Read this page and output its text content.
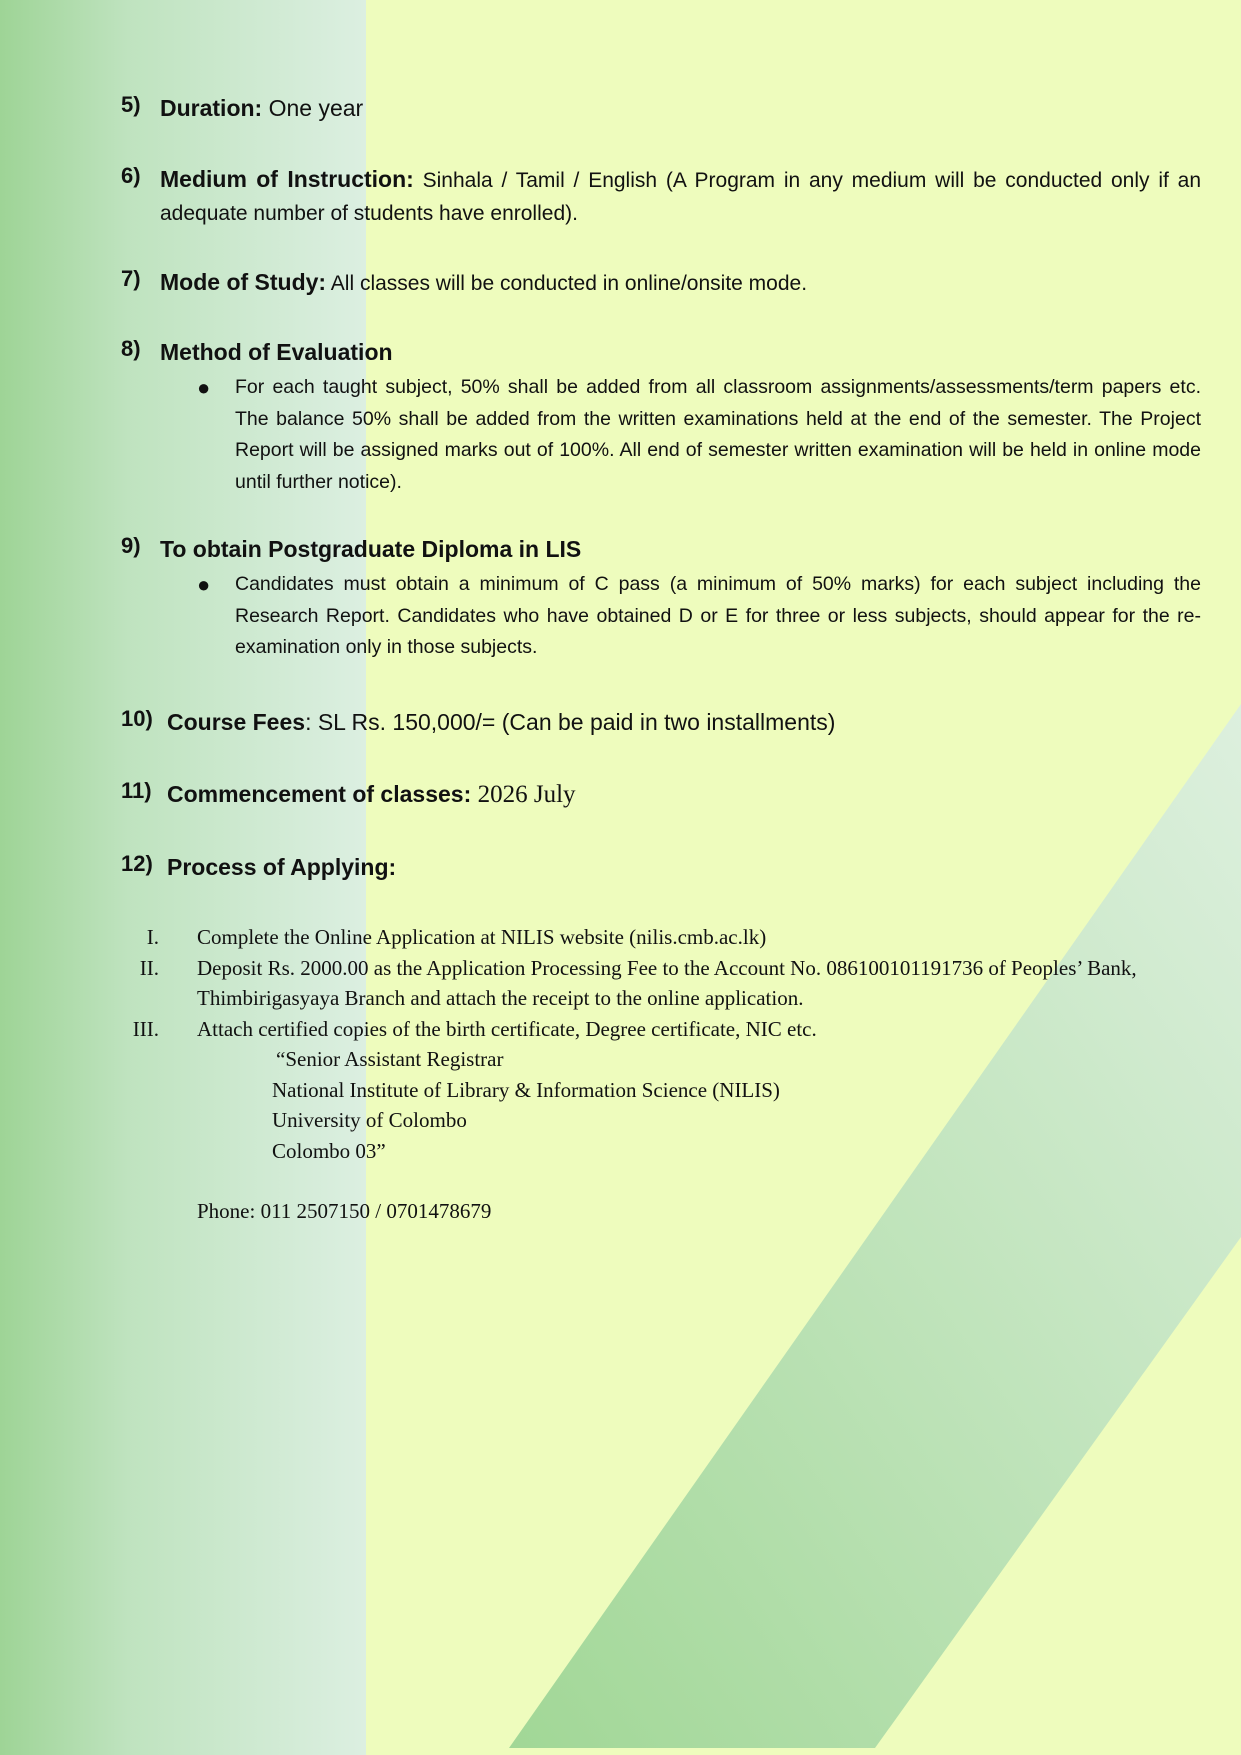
5) Duration: One year
6) Medium of Instruction: Sinhala / Tamil / English (A Program in any medium will be conducted only if an adequate number of students have enrolled).
7) Mode of Study: All classes will be conducted in online/onsite mode.
8) Method of Evaluation
● For each taught subject, 50% shall be added from all classroom assignments/assessments/term papers etc. The balance 50% shall be added from the written examinations held at the end of the semester. The Project Report will be assigned marks out of 100%. All end of semester written examination will be held in online mode until further notice).
9) To obtain Postgraduate Diploma in LIS
● Candidates must obtain a minimum of C pass (a minimum of 50% marks) for each subject including the Research Report. Candidates who have obtained D or E for three or less subjects, should appear for the re-examination only in those subjects.
10) Course Fees: SL Rs. 150,000/= (Can be paid in two installments)
11) Commencement of classes: 2026 July
12) Process of Applying:
I. Complete the Online Application at NILIS website (nilis.cmb.ac.lk)
II. Deposit Rs. 2000.00 as the Application Processing Fee to the Account No. 086100101191736 of Peoples’ Bank, Thimbirigasyaya Branch and attach the receipt to the online application.
III. Attach certified copies of the birth certificate, Degree certificate, NIC etc.
“Senior Assistant Registrar
National Institute of Library & Information Science (NILIS)
University of Colombo
Colombo 03”
Phone: 011 2507150 / 0701478679
